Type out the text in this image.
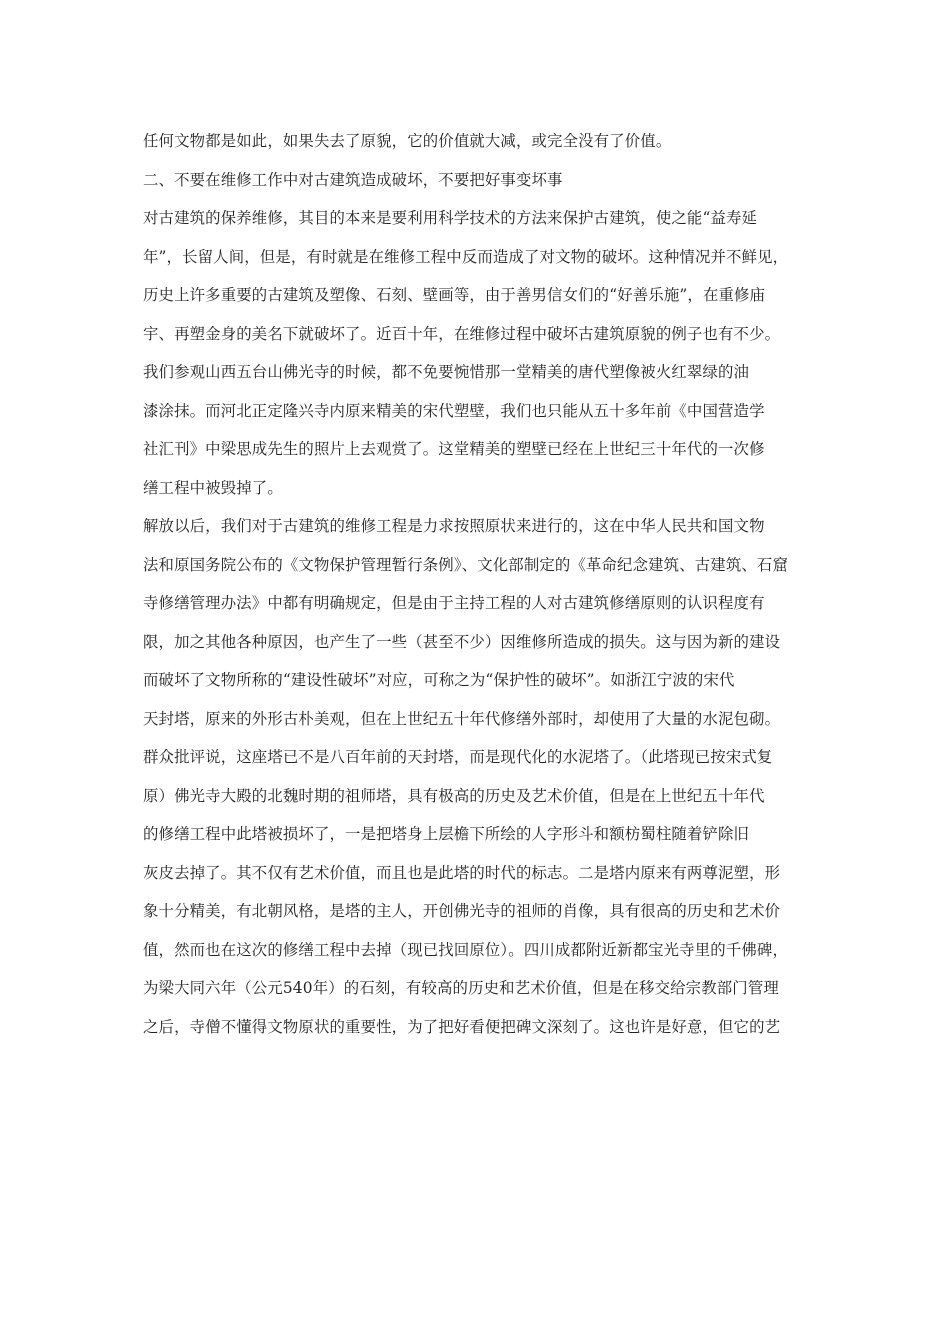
任何文物都是如此，如果失去了原貌，它的价值就大减，或完全没有了价值。
二、不要在维修工作中对古建筑造成破坏，不要把好事变坏事
对古建筑的保养维修，其目的本来是要利用科学技术的方法来保护古建筑，使之能“益寿延
年”，长留人间，但是，有时就是在维修工程中反而造成了对文物的破坏。这种情况并不鲜见，
历史上许多重要的古建筑及塑像、石刻、壁画等，由于善男信女们的“好善乐施”，在重修庙
宇、再塑金身的美名下就破坏了。近百十年，在维修过程中破坏古建筑原貌的例子也有不少。
我们参观山西五台山佛光寺的时候，都不免要惋惜那一堂精美的唐代塑像被火红翠绿的油
漆涂抹。而河北正定隆兴寺内原来精美的宋代塑壁，我们也只能从五十多年前《中国营造学
社汇刊》中梁思成先生的照片上去观赏了。这堂精美的塑壁已经在上世纪三十年代的一次修
缮工程中被毁掉了。
解放以后，我们对于古建筑的维修工程是力求按照原状来进行的，这在中华人民共和国文物
法和原国务院公布的《文物保护管理暂行条例》、文化部制定的《革命纪念建筑、古建筑、石窟
寺修缮管理办法》中都有明确规定，但是由于主持工程的人对古建筑修缮原则的认识程度有
限，加之其他各种原因，也产生了一些（甚至不少）因维修所造成的损失。这与因为新的建设
而破坏了文物所称的“建设性破坏”对应，可称之为“保护性的破坏”。如浙江宁波的宋代
天封塔，原来的外形古朴美观，但在上世纪五十年代修缮外部时，却使用了大量的水泥包砌。
群众批评说，这座塔已不是八百年前的天封塔，而是现代化的水泥塔了。（此塔现已按宋式复
原）佛光寺大殿的北魏时期的祖师塔，具有极高的历史及艺术价值，但是在上世纪五十年代
的修缮工程中此塔被损坏了，一是把塔身上层檐下所绘的人字形斗和额枋蜀柱随着铲除旧
灰皮去掉了。其不仅有艺术价值，而且也是此塔的时代的标志。二是塔内原来有两尊泥塑，形
象十分精美，有北朝风格，是塔的主人，开创佛光寺的祖师的肖像，具有很高的历史和艺术价
值，然而也在这次的修缮工程中去掉（现已找回原位）。四川成都附近新都宝光寺里的千佛碑，
为梁大同六年（公元540年）的石刻，有较高的历史和艺术价值，但是在移交给宗教部门管理
之后，寺僧不懂得文物原状的重要性，为了把好看便把碑文深刻了。这也许是好意，但它的艺
